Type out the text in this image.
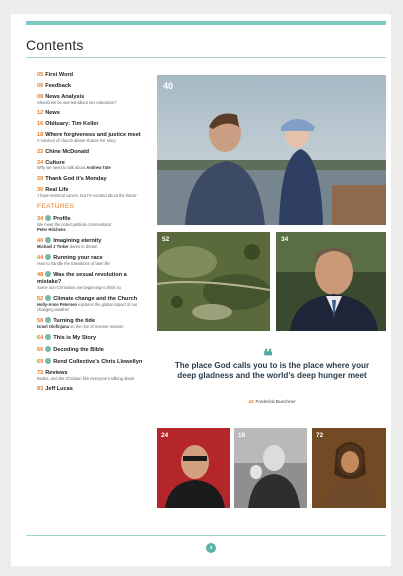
Contents
05 First Word
06 Feedback
08 News Analysis
Should we be worried about sex education?
12 News
16 Obituary: Tim Keller
18 Where forgiveness and justice meet
A survivor of church abuse shares her story
23 Chine McDonald
24 Culture
Why we need to talk about Andrew Tate
29 Thank God it’s Monday
30 Real Life
‘I have terminal cancer, but I’m excited about the future’
FEATURES
34 Profile
We meet the noted political commentator
Peter Hitchens
40 Imagining eternity
Michael J Tinker dares to dream
44 Running your race
How to handle the transitions of later life
48 Was the sexual revolution a mistake?
Some non-Christians are beginning to think so
52 Climate change and the Church
Holly-Anne Petersen explores the global impact of our changing weather
58 Turning the tide
Israel Olofinjana on the rise of reverse mission
64 This is My Story
66 Decoding the Bible
69 Rend Collective’s Chris Llewellyn
73 Reviews
Books, and the Christian film everyone’s talking about
83 Jeff Lucas
40
52	34
❝
The place God calls you to is the place where your deep gladness and the world’s deep hunger meet
44 Frederick Buechner
24	16	72
3
